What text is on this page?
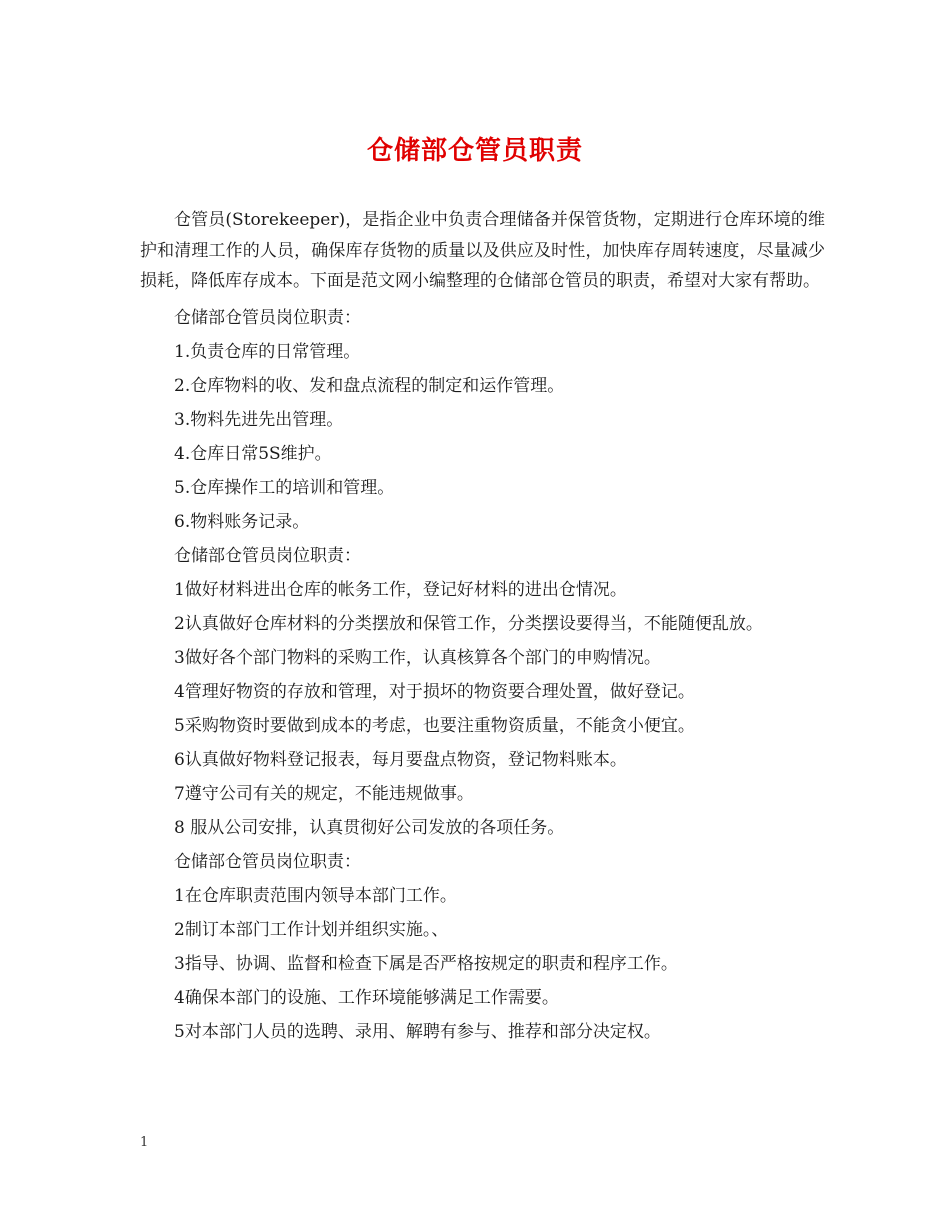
仓储部仓管员职责

仓管员(Storekeeper)，是指企业中负责合理储备并保管货物，定期进行仓库环境的维护和清理工作的人员，确保库存货物的质量以及供应及时性，加快库存周转速度，尽量减少损耗，降低库存成本。下面是范文网小编整理的仓储部仓管员的职责，希望对大家有帮助。

仓储部仓管员岗位职责：

1.负责仓库的日常管理。

2.仓库物料的收、发和盘点流程的制定和运作管理。

3.物料先进先出管理。

4.仓库日常5S维护。

5.仓库操作工的培训和管理。

6.物料账务记录。

仓储部仓管员岗位职责：

1做好材料进出仓库的帐务工作，登记好材料的进出仓情况。

2认真做好仓库材料的分类摆放和保管工作，分类摆设要得当，不能随便乱放。

3做好各个部门物料的采购工作，认真核算各个部门的申购情况。

4管理好物资的存放和管理，对于损坏的物资要合理处置，做好登记。

5采购物资时要做到成本的考虑，也要注重物资质量，不能贪小便宜。

6认真做好物料登记报表，每月要盘点物资，登记物料账本。

7遵守公司有关的规定，不能违规做事。

8 服从公司安排，认真贯彻好公司发放的各项任务。

仓储部仓管员岗位职责：

1在仓库职责范围内领导本部门工作。

2制订本部门工作计划并组织实施。、

3指导、协调、监督和检查下属是否严格按规定的职责和程序工作。

4确保本部门的设施、工作环境能够满足工作需要。

5对本部门人员的选聘、录用、解聘有参与、推荐和部分决定权。

1
